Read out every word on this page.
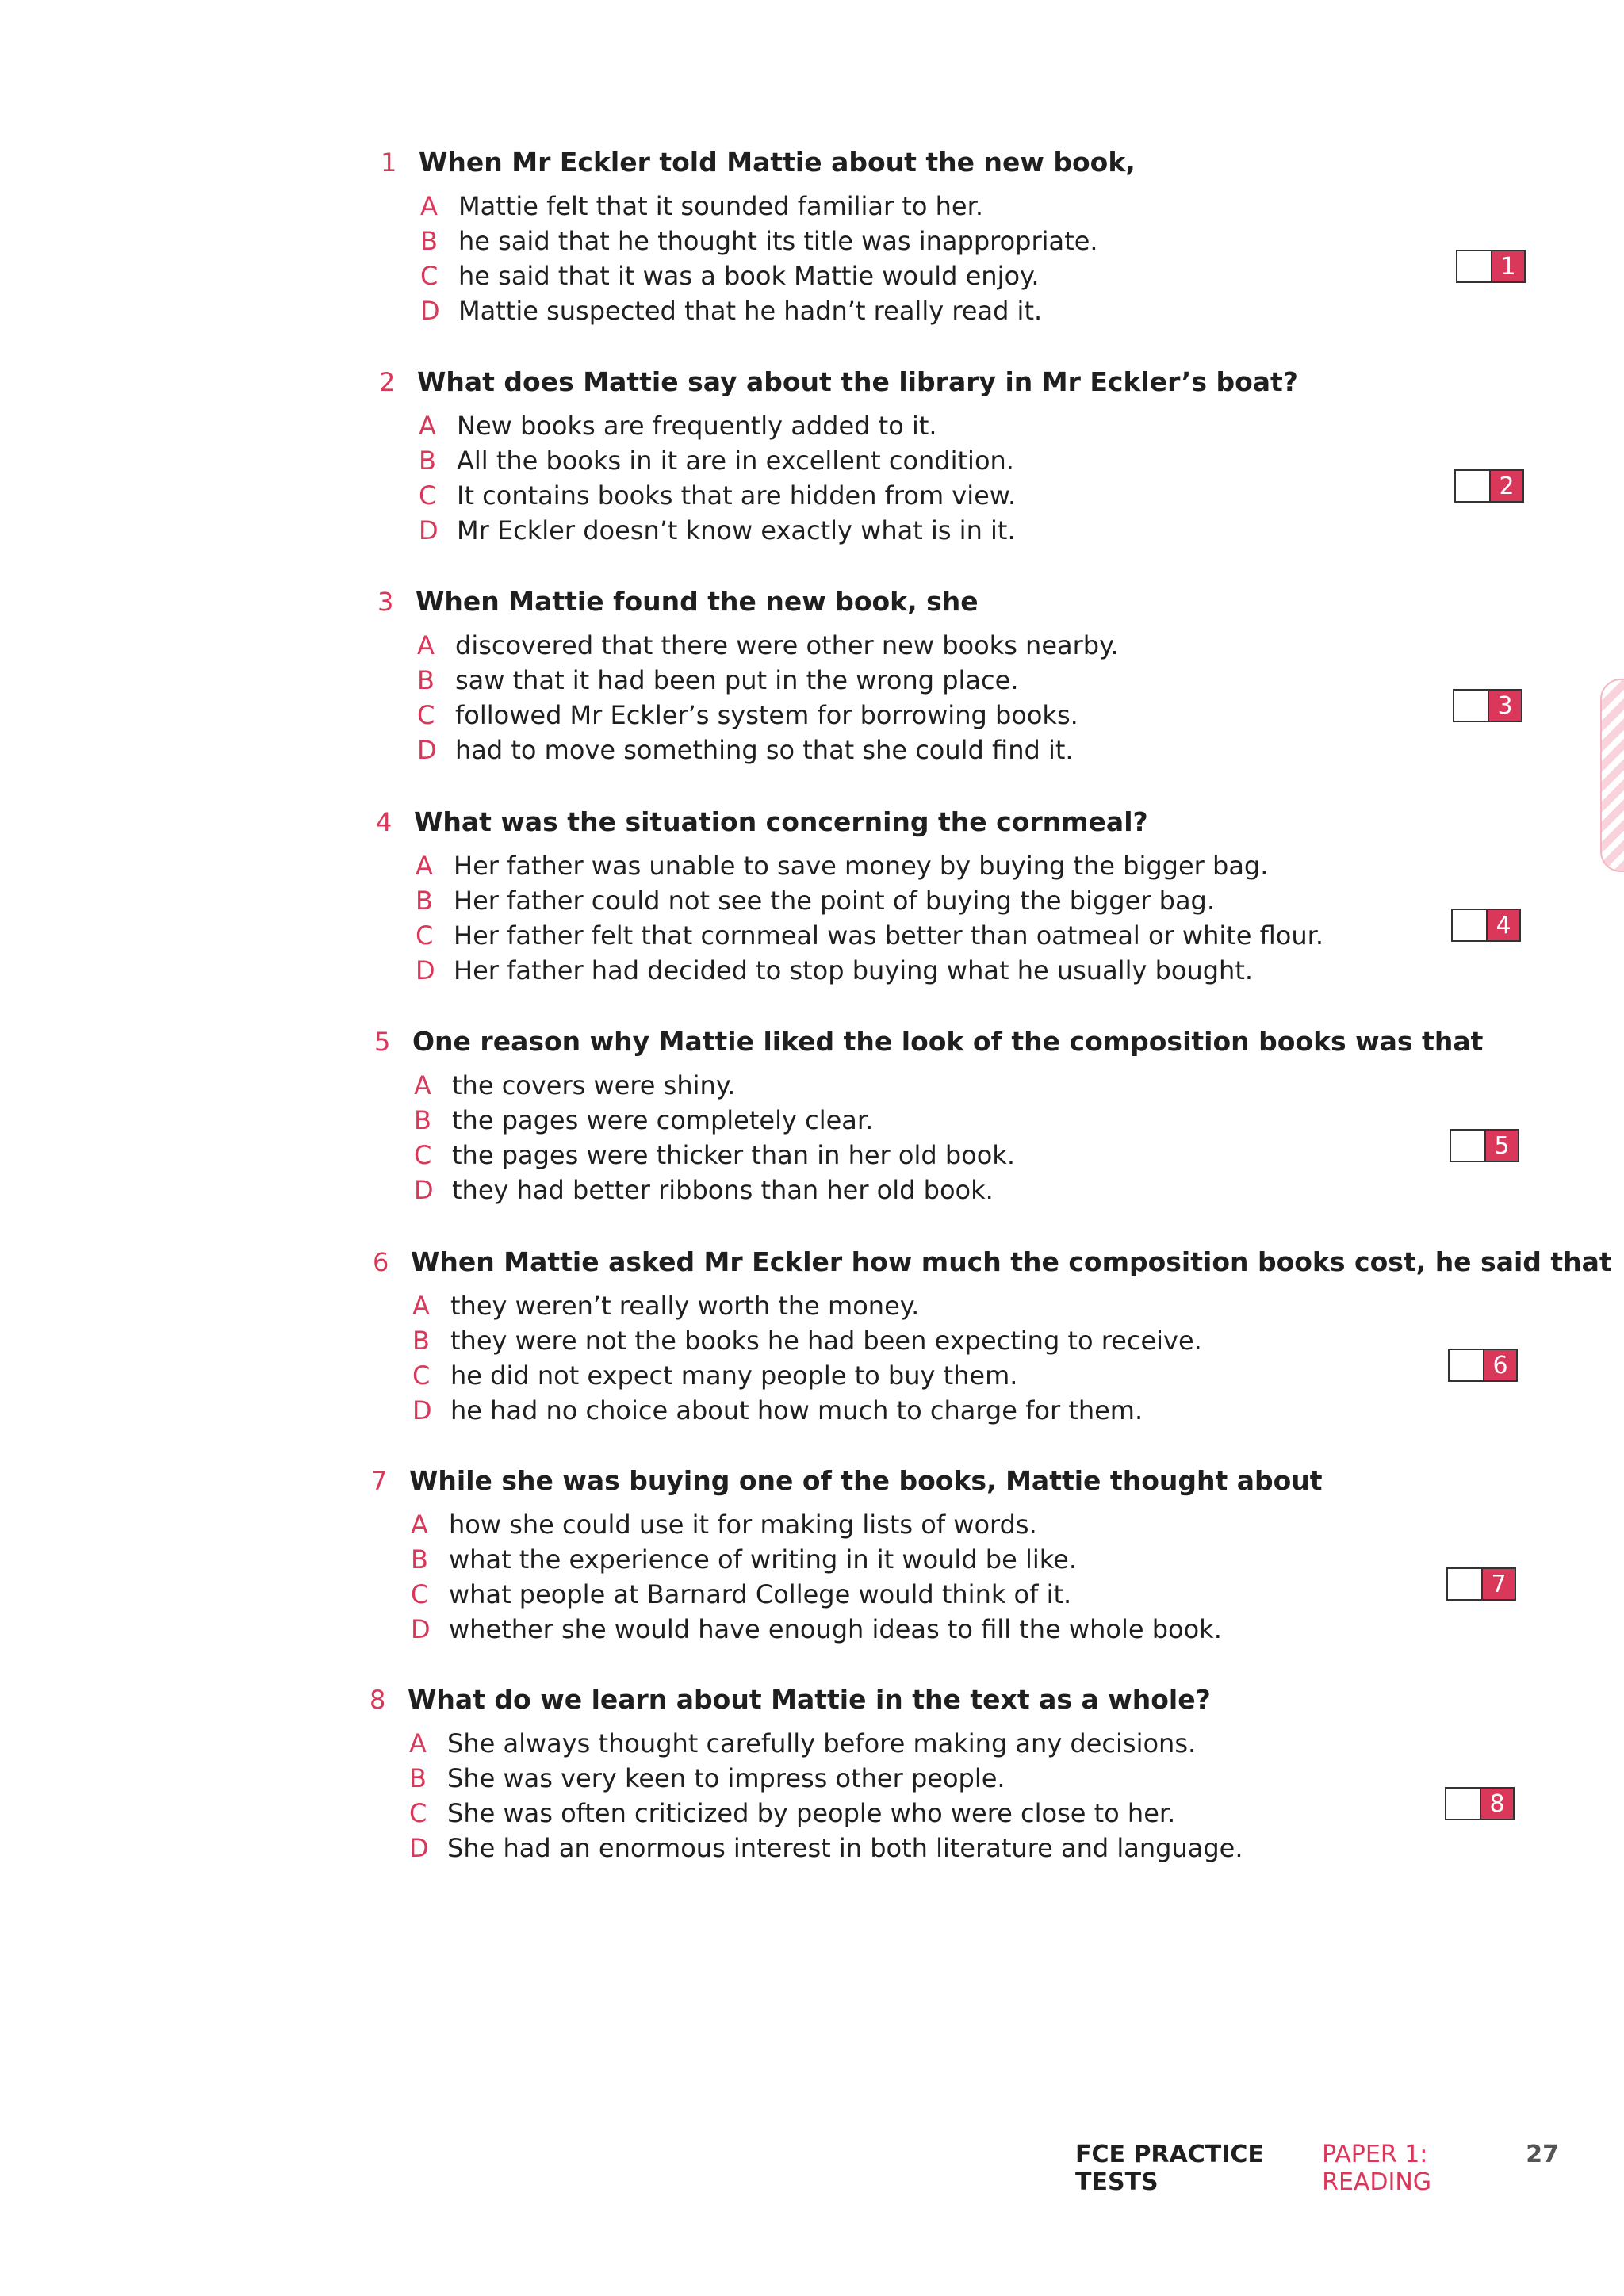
1 When Mr Eckler told Mattie about the new book,
A Mattie felt that it sounded familiar to her.
B he said that he thought its title was inappropriate.
C he said that it was a book Mattie would enjoy.
D Mattie suspected that he hadn’t really read it.
1
2 What does Mattie say about the library in Mr Eckler’s boat?
A New books are frequently added to it.
B All the books in it are in excellent condition.
C It contains books that are hidden from view.
D Mr Eckler doesn’t know exactly what is in it.
2
3 When Mattie found the new book, she
A discovered that there were other new books nearby.
B saw that it had been put in the wrong place.
C followed Mr Eckler’s system for borrowing books.
D had to move something so that she could find it.
3
4 What was the situation concerning the cornmeal?
A Her father was unable to save money by buying the bigger bag.
B Her father could not see the point of buying the bigger bag.
C Her father felt that cornmeal was better than oatmeal or white flour.
D Her father had decided to stop buying what he usually bought.
4
5 One reason why Mattie liked the look of the composition books was that
A the covers were shiny.
B the pages were completely clear.
C the pages were thicker than in her old book.
D they had better ribbons than her old book.
5
6 When Mattie asked Mr Eckler how much the composition books cost, he said that
A they weren’t really worth the money.
B they were not the books he had been expecting to receive.
C he did not expect many people to buy them.
D he had no choice about how much to charge for them.
6
7 While she was buying one of the books, Mattie thought about
A how she could use it for making lists of words.
B what the experience of writing in it would be like.
C what people at Barnard College would think of it.
D whether she would have enough ideas to fill the whole book.
7
8 What do we learn about Mattie in the text as a whole?
A She always thought carefully before making any decisions.
B She was very keen to impress other people.
C She was often criticized by people who were close to her.
D She had an enormous interest in both literature and language.
8
FCE PRACTICE TESTS
PAPER 1: READING
27
